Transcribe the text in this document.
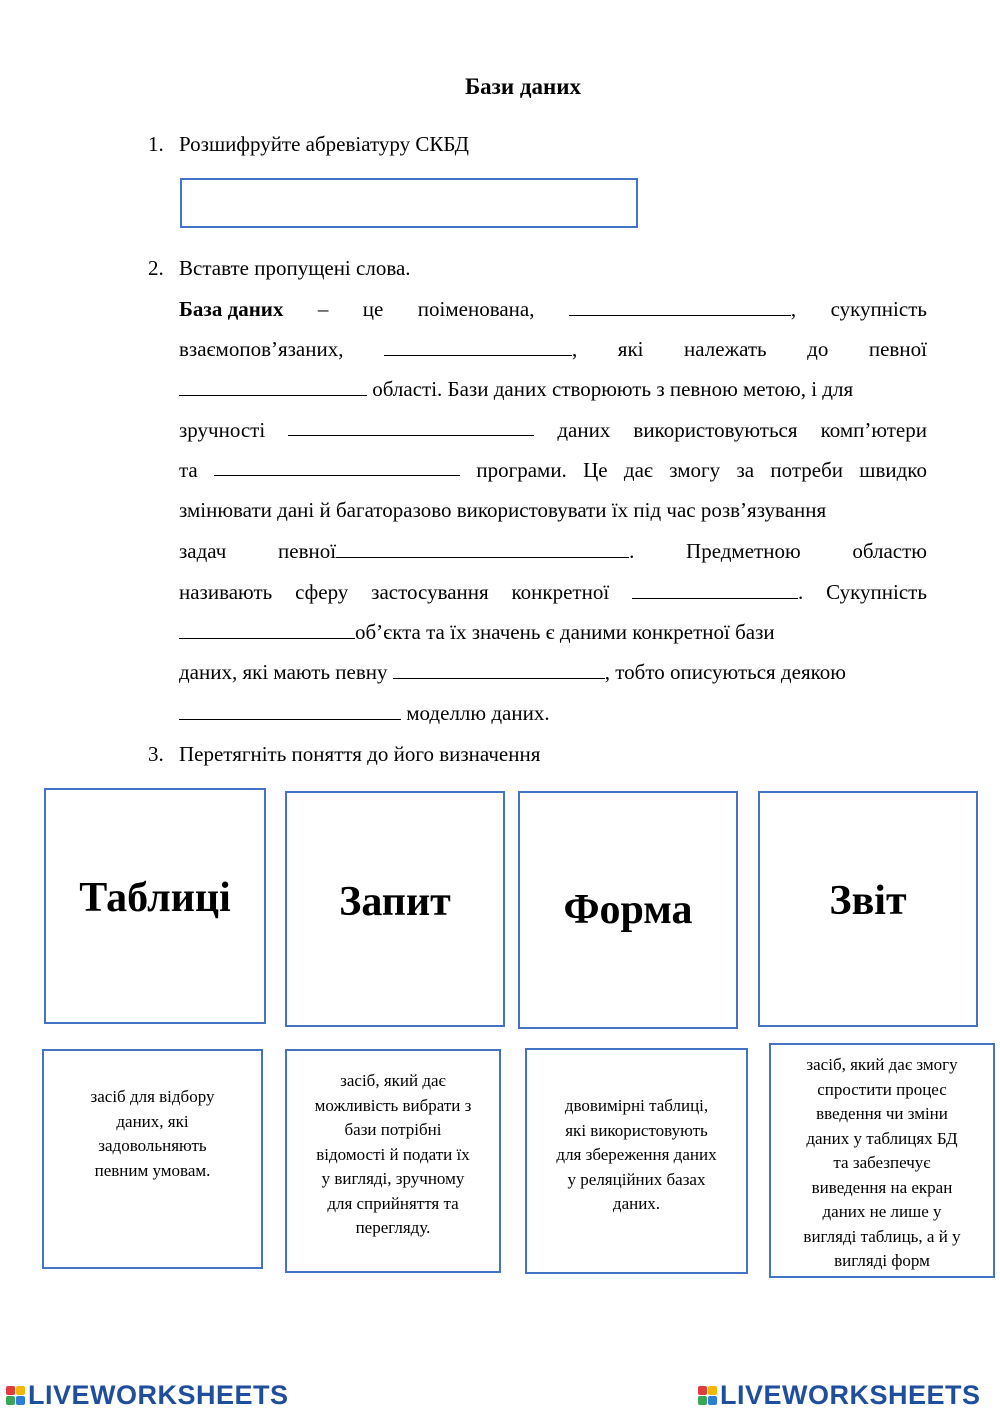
Бази даних
1. Розшифруйте абревіатуру СКБД
2. Вставте пропущені слова.
База даних – це поіменована,	, сукупність
взаємопов’язаних,	, які належать до певної
області. Бази даних створюють з певною метою, і для
зручності	даних використовуються комп’ютери
та	програми. Це дає змогу за потреби швидко
змінювати дані й багаторазово використовувати їх під час розв’язування
задач певної	. Предметною областю
називають сферу застосування конкретної	. Сукупність
об’єкта та їх значень є даними конкретної бази
даних, які мають певну	, тобто описуються деякою
моделлю даних.
3. Перетягніть поняття до його визначення
Таблиці	Запит	Форма	Звіт
засіб для відбору
даних, які
задовольняють
певним умовам.
засіб, який дає
можливість вибрати з
бази потрібні
відомості й подати їх
у вигляді, зручному
для сприйняття та
перегляду.
двовимірні таблиці,
які використовують
для збереження даних
у реляційних базах
даних.
засіб, який дає змогу
спростити процес
введення чи зміни
даних у таблицях БД
та забезпечує
виведення на екран
даних не лише у
вигляді таблиць, а й у
вигляді форм
LIVEWORKSHEETS	LIVEWORKSHEETS
